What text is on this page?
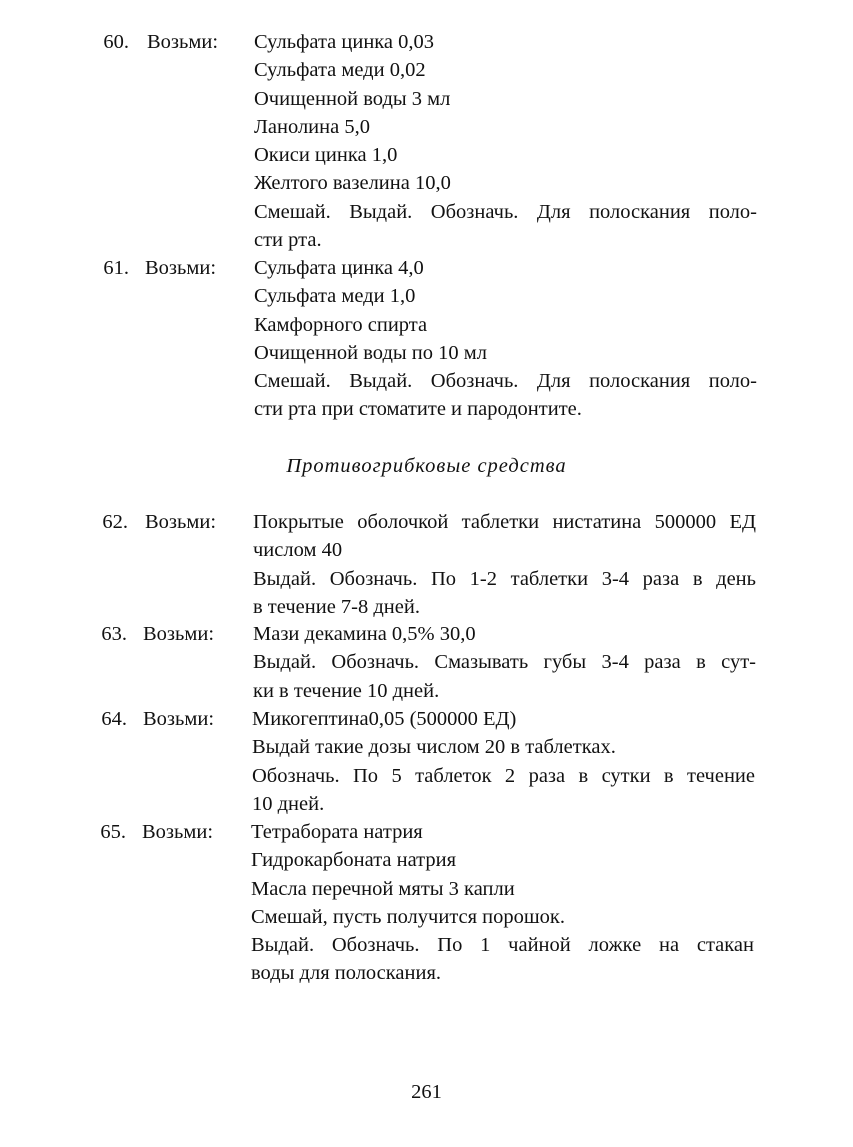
60. Возьми: Сульфата цинка 0,03
Сульфата меди 0,02
Очищенной воды 3 мл
Ланолина 5,0
Окиси цинка 1,0
Желтого вазелина 10,0
Смешай. Выдай. Обозначь. Для полоскания поло-
сти рта.
61. Возьми: Сульфата цинка 4,0
Сульфата меди 1,0
Камфорного спирта
Очищенной воды по 10 мл
Смешай. Выдай. Обозначь. Для полоскания поло-
сти рта при стоматите и пародонтите.
62. Возьми: Покрытые оболочкой таблетки нистатина 500000 ЕД
числом 40
Выдай. Обозначь. По 1-2 таблетки 3-4 раза в день
в течение 7-8 дней.
63. Возьми: Мази декамина 0,5% 30,0
Выдай. Обозначь. Смазывать губы 3-4 раза в сут-
ки в течение 10 дней.
64. Возьми: Микогептина0,05 (500000 ЕД)
Выдай такие дозы числом 20 в таблетках.
Обозначь. По 5 таблеток 2 раза в сутки в течение
10 дней.
65. Возьми: Тетрабората натрия
Гидрокарбоната натрия
Масла перечной мяты 3 капли
Смешай, пусть получится порошок.
Выдай. Обозначь. По 1 чайной ложке на стакан
воды для полоскания.
Противогрибковые средства
261
